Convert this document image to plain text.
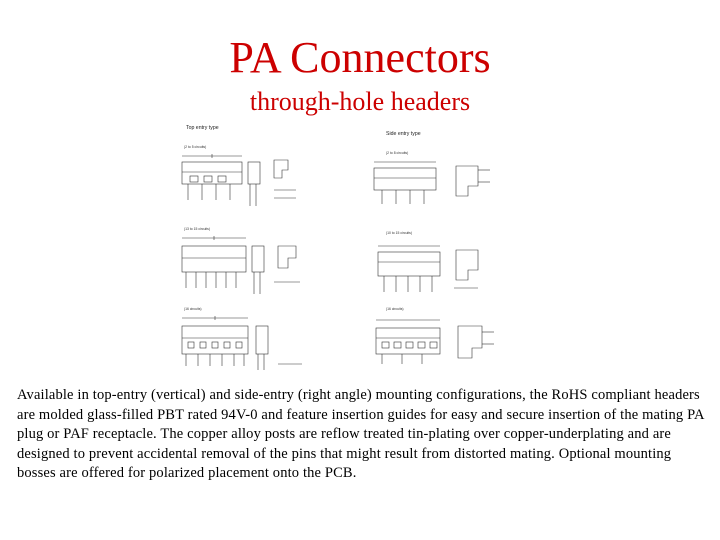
PA Connectors
through-hole headers
Top entry type
Side entry type
(2 to 5 circuits)
(13 to 15 circuits)
(16 circuits)
(2 to 8 circuits)
(10 to 15 circuits)
(16 circuits)
Available in top-entry (vertical) and side-entry (right angle) mounting configurations, the RoHS compliant headers are molded glass-filled PBT rated 94V-0 and feature insertion guides for easy and secure insertion of the mating PA plug or PAF receptacle. The copper alloy posts are reflow treated tin-plating over copper-underplating and are designed to prevent accidental removal of the pins that might result from distorted mating. Optional mounting bosses are offered for polarized placement onto the PCB.
